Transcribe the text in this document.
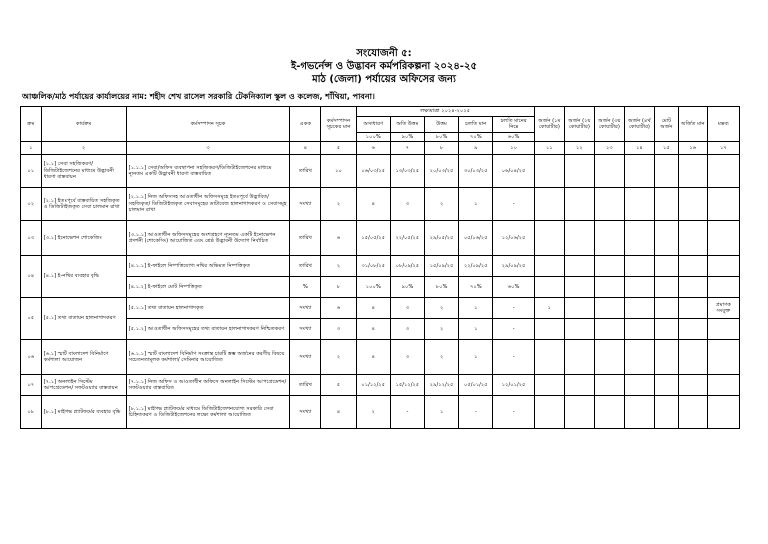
সংযোজনী ৫:
ই-গভর্নেন্স ও উদ্ভাবন কর্মপরিকল্পনা ২০২৪-২৫
মাঠ (জেলা) পর্যায়ের অফিসের জন্য
আঞ্চলিক/মাঠ পর্যায়ের কার্যালয়ের নাম: শহীদ শেখ রাসেল সরকারি টেকনিক্যাল স্কুল ও কলেজ, শাঁথিয়া, পাবনা।
ক্রম	কার্যক্রম	কর্মসম্পাদন সূচক	একক	কর্মসম্পাদন সূচকের মান	লক্ষ্যমাত্রা ২০২৪-২০২৫					অর্জন (১ম কোয়ার্টার)	অর্জন (২য় কোয়ার্টার)	অর্জন (৩য় কোয়ার্টার)	অর্জন (৪র্থ কোয়ার্টার)	মোট অর্জন	অর্জিত মান	মন্তব্য
					অসাধারণ	অতি উত্তম	উত্তম	চলতি মান	চলতি মানের নিম্নে							
					১০০%	৯০%	৮০%	৭০%	৬০%							
১	২	৩	৪	৫	৬	৭	৮	৯	১০	১১	১২	১৩	১৪	১৫	১৬	১৭
০১	[১.১] সেবা সহজিকরণ/ ডিজিটাইজেশনের মাধ্যমে উদ্ভাবনী ধারণা বাস্তবায়ন	[১.১.১] সেবা/অফিস ব্যবস্থাপনা সহজিকরণ/ডিজিটাইজেশনের মাধ্যমে ন্যূনতম একটি উদ্ভাবনী ধারণা বাস্তবায়িত	তারিখ	১০	০৬/০৩/২৫	১৩/০৩/২৫	২০/০৩/২৫	৩০/০৩/২৫	০৬/০৪/২৫							
০২	[২.১] ইতঃপূর্বে বাস্তবায়িত সহজিকৃত ও ডিজিটাইজকৃত সেবা চালমান রাখা	[২.১.১] নিজ অফিসসহ আওতাধীন অফিসসমূহে ইতঃপূর্বে উদ্ভাবিত/সহজিকৃত/ ডিজিটাইজকৃত সেবাসমূহের ডাটাবেজ হালনাগাদকরণ ও সেবাসমূহ চালমান রাখা	সংখ্যা	২	৪	৩	২	১	-							
০৩	[৩.১] ইনোভেশন শোকেজিং	[৩.১.১] আওতাধীন অফিসসমূহের অংশগ্রহণে ন্যূনতম একটি ইনোভেশন প্রদর্শনী (শোকেসিং) আয়োজিত এবং শ্রেষ্ঠ উদ্ভাবনী উদ্যোগ নির্বাচিত	তারিখ	৬	১৫/০৫/২৫	২২/০৫/২৫	২৯/০৫/২৫	০৫/০৬/২৫	১২/০৬/২৫							
০৪	[৪.১] ই-নথির ব্যবহার বৃদ্ধি	[৪.১.১] ই-ফাইলে নিষ্পত্তিযোগ্য নথির অভিমত নিষ্পত্তিকৃত	তারিখ	২	৩১/০৮/২৫	০৮/০৯/২৫	১৫/০৯/২৫	২২/০৯/২৫	২৯/০৯/২৫							
		[৪.১.২] ই-ফাইলে মোট নিষ্পত্তিকৃত	%	৮	১০০%	৯০%	৮০%	৭০%	৬০%							
০৫	[৫.১] তথ্য বাতায়ন হালনাগাদকরণ	[৫.১.১] তথ্য বাতায়ন হালনাগাদকৃত	সংখ্যা	৬	৪	৩	২	১	-	১						প্রমাণক সংযুক্ত
		[৫.১.২] আওতাধীন অফিসসমূহের তথ্য বাতায়ন হালনাগাদকরণ নিশ্চিতকরণ	সংখ্যা	৩	৪	৩	২	১	-							
০৬	[৬.১] স্মার্ট বাংলাদেশ বিনির্মাণে কর্মশালা আয়োজন	[৬.১.১] স্মার্ট বাংলাদেশ বিনির্মাণ সংক্রান্ত চারটি স্তম্ভ অর্জনের করণীয় বিষয়ে সচেতনতামূলক কর্মশালা/ সেমিনার আয়োজিত	সংখ্যা	২	৪	৩	২	১	-							
০৭	[৭.১] অনলাইন সিস্টেম আপগ্রেডেশন/ সফটওয়্যার বাস্তবায়ন	[৭.১.১] নিজ অফিস ও আওতাধীন অফিসে অনলাইন সিস্টেম আপগ্রেডেশন/ সফটওয়্যার বাস্তবায়িত	তারিখ	৫	০১/১২/২৫	১৫/১২/২৫	২৯/১২/২৫	০৫/০১/২৫	১২/০১/২৫							
০৮	[৮.১] মাইগভ প্ল্যাটফর্মের ব্যবহার বৃদ্ধি	[৮.১.১] মাইগভ প্ল্যাটফর্মের মাধ্যমে ডিজিটাইজেশনযোগ্য সরকারি সেবা চিহ্নিতকরণ ও ডিজিটাইজেশনের লক্ষ্যে কর্মশালা আয়োজিত	সংখ্যা	৪	২	-	১	-	-							
